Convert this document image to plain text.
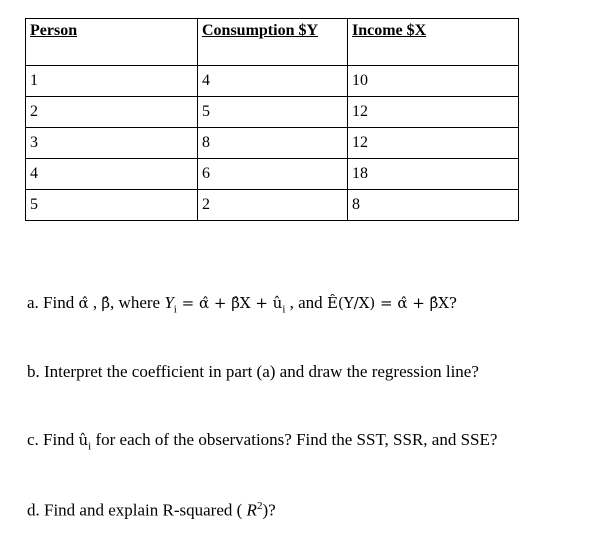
Person	Consumption $Y	Income $X
1	4	10
2	5	12
3	8	12
4	6	18
5	2	8
a. Find α̂ , β̂, where $Y_i$ = α̂ + β̂X + $û_i$ , and Ê(Y/X) = α̂ + β̂X?
b. Interpret the coefficient in part (a) and draw the regression line?
c. Find $û_i$ for each of the observations? Find the SST, SSR, and SSE?
d. Find and explain R-squared ( $R^2$)?
